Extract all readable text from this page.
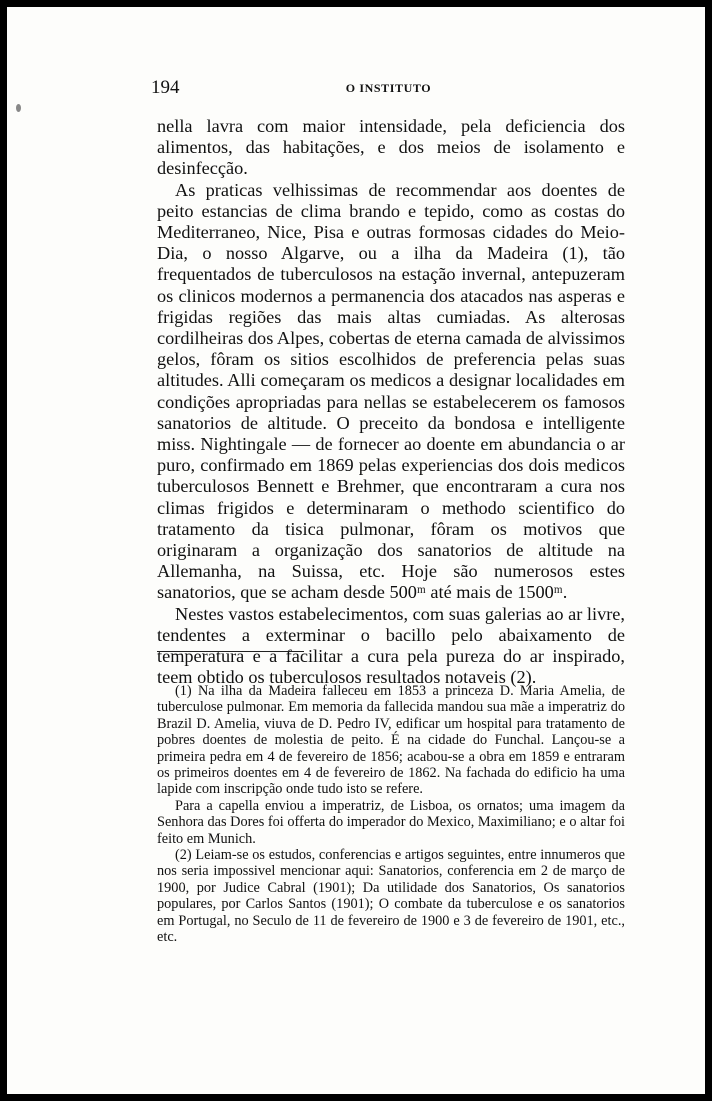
194	O INSTITUTO

nella lavra com maior intensidade, pela deficiencia dos alimentos, das habitações, e dos meios de isolamento e desinfecção.

As praticas velhissimas de recommendar aos doentes de peito estancias de clima brando e tepido, como as costas do Mediterraneo, Nice, Pisa e outras formosas cidades do Meio-Dia, o nosso Algarve, ou a ilha da Madeira (1), tão frequentados de tuberculosos na estação invernal, antepuzeram os clinicos modernos a permanencia dos atacados nas asperas e frigidas regiões das mais altas cumiadas. As alterosas cordilheiras dos Alpes, cobertas de eterna camada de alvissimos gelos, fôram os sitios escolhidos de preferencia pelas suas altitudes. Alli começaram os medicos a designar localidades em condições apropriadas para nellas se estabelecerem os famosos sanatorios de altitude. O preceito da bondosa e intelligente miss. Nightingale — de fornecer ao doente em abundancia o ar puro, confirmado em 1869 pelas experiencias dos dois medicos tuberculosos Bennett e Brehmer, que encontraram a cura nos climas frigidos e determinaram o methodo scientifico do tratamento da tisica pulmonar, fôram os motivos que originaram a organização dos sanatorios de altitude na Allemanha, na Suissa, etc. Hoje são numerosos estes sanatorios, que se acham desde 500ᵐ até mais de 1500ᵐ.

Nestes vastos estabelecimentos, com suas galerias ao ar livre, tendentes a exterminar o bacillo pelo abaixamento de temperatura e a facilitar a cura pela pureza do ar inspirado, teem obtido os tuberculosos resultados notaveis (2).

(1) Na ilha da Madeira falleceu em 1853 a princeza D. Maria Amelia, de tuberculose pulmonar. Em memoria da fallecida mandou sua mãe a imperatriz do Brazil D. Amelia, viuva de D. Pedro IV, edificar um hospital para tratamento de pobres doentes de molestia de peito. É na cidade do Funchal. Lançou-se a primeira pedra em 4 de fevereiro de 1856; acabou-se a obra em 1859 e entraram os primeiros doentes em 4 de fevereiro de 1862. Na fachada do edificio ha uma lapide com inscripção onde tudo isto se refere.

Para a capella enviou a imperatriz, de Lisboa, os ornatos; uma imagem da Senhora das Dores foi offerta do imperador do Mexico, Maximiliano; e o altar foi feito em Munich.

(2) Leiam-se os estudos, conferencias e artigos seguintes, entre innumeros que nos seria impossivel mencionar aqui: Sanatorios, conferencia em 2 de março de 1900, por Judice Cabral (1901); Da utilidade dos Sanatorios, Os sanatorios populares, por Carlos Santos (1901); O combate da tuberculose e os sanatorios em Portugal, no Seculo de 11 de fevereiro de 1900 e 3 de fevereiro de 1901, etc., etc.
